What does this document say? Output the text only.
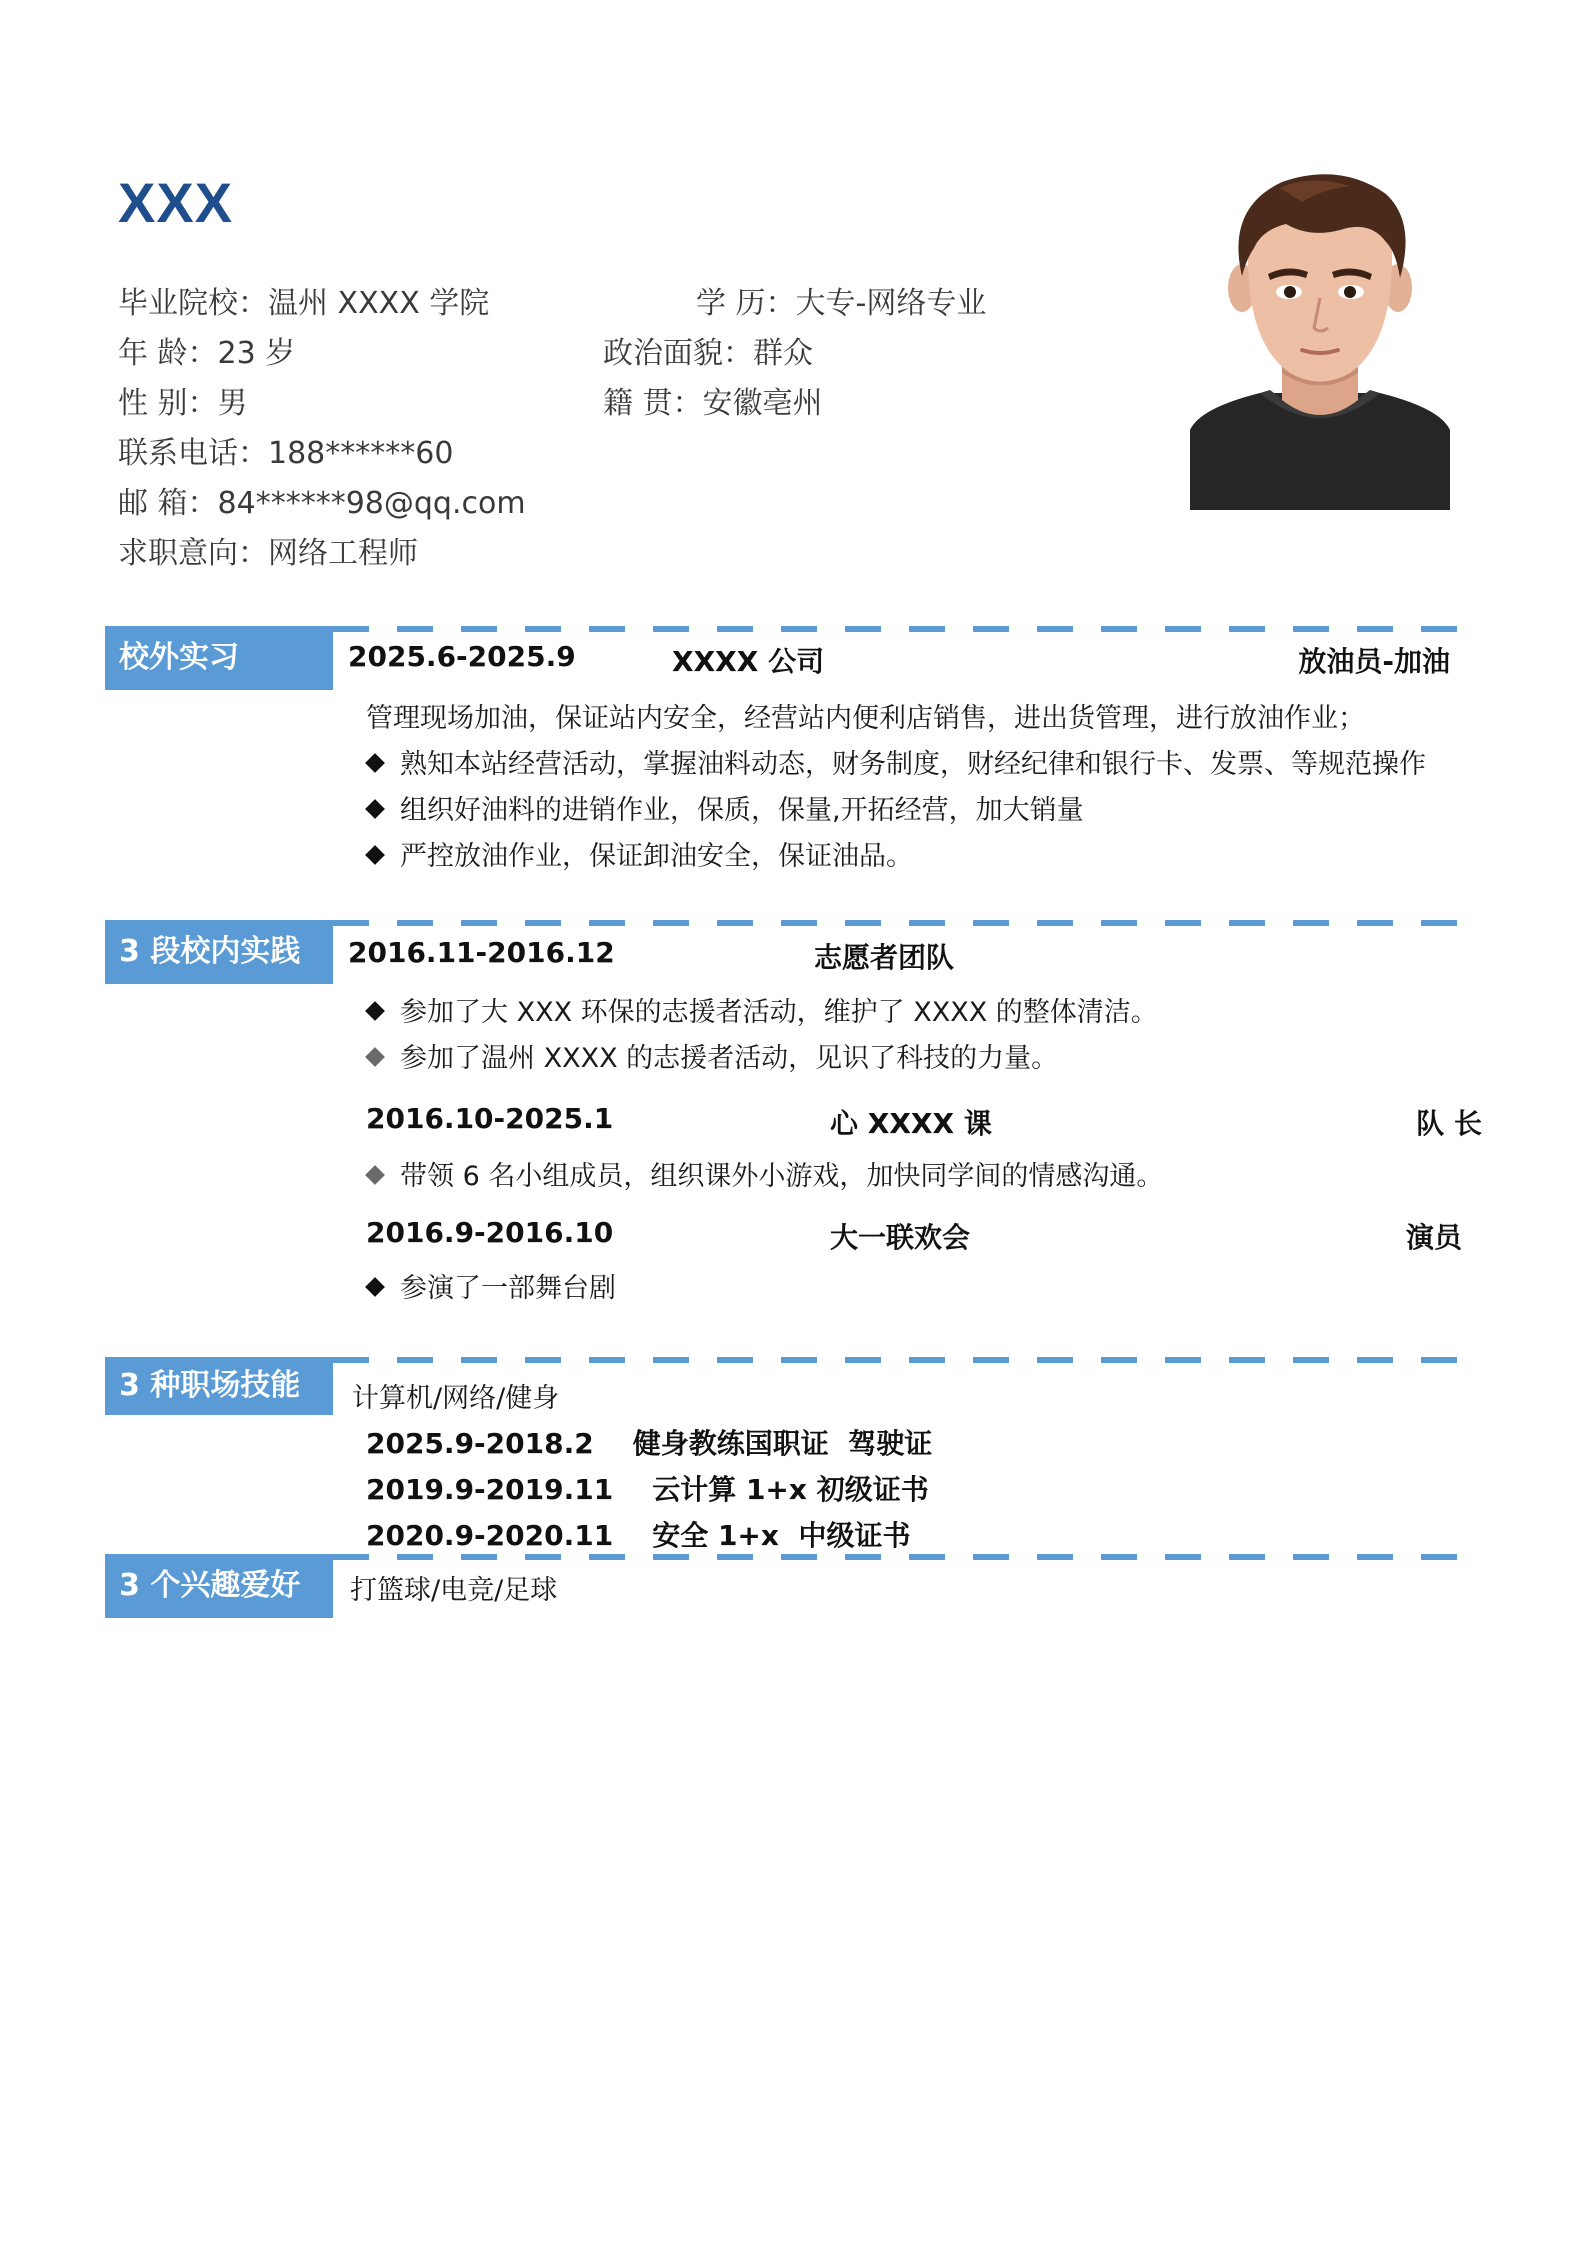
XXX
毕业院校：温州 XXXX 学院	学 历：大专-网络专业
年 龄：23 岁	政治面貌：群众
性 别：男	籍 贯：安徽亳州
联系电话：188******60
邮 箱：84******98@qq.com
求职意向：网络工程师
校外实习	2025.6-2025.9	XXXX 公司	放油员-加油
管理现场加油，保证站内安全，经营站内便利店销售，进出货管理，进行放油作业；
熟知本站经营活动，掌握油料动态，财务制度，财经纪律和银行卡、发票、等规范操作
组织好油料的进销作业，保质，保量,开拓经营，加大销量
严控放油作业，保证卸油安全，保证油品。
3 段校内实践	2016.11-2016.12	志愿者团队
参加了大 XXX 环保的志援者活动，维护了 XXXX 的整体清洁。
参加了温州 XXXX 的志援者活动，见识了科技的力量。
2016.10-2025.1	心 XXXX 课	队 长
带领 6 名小组成员，组织课外小游戏，加快同学间的情感沟通。
2016.9-2016.10	大一联欢会	演员
参演了一部舞台剧
3 种职场技能	计算机/网络/健身
2025.9-2018.2    健身教练国职证  驾驶证
2019.9-2019.11    云计算 1+x 初级证书
2020.9-2020.11    安全 1+x  中级证书
3 个兴趣爱好	打篮球/电竞/足球
